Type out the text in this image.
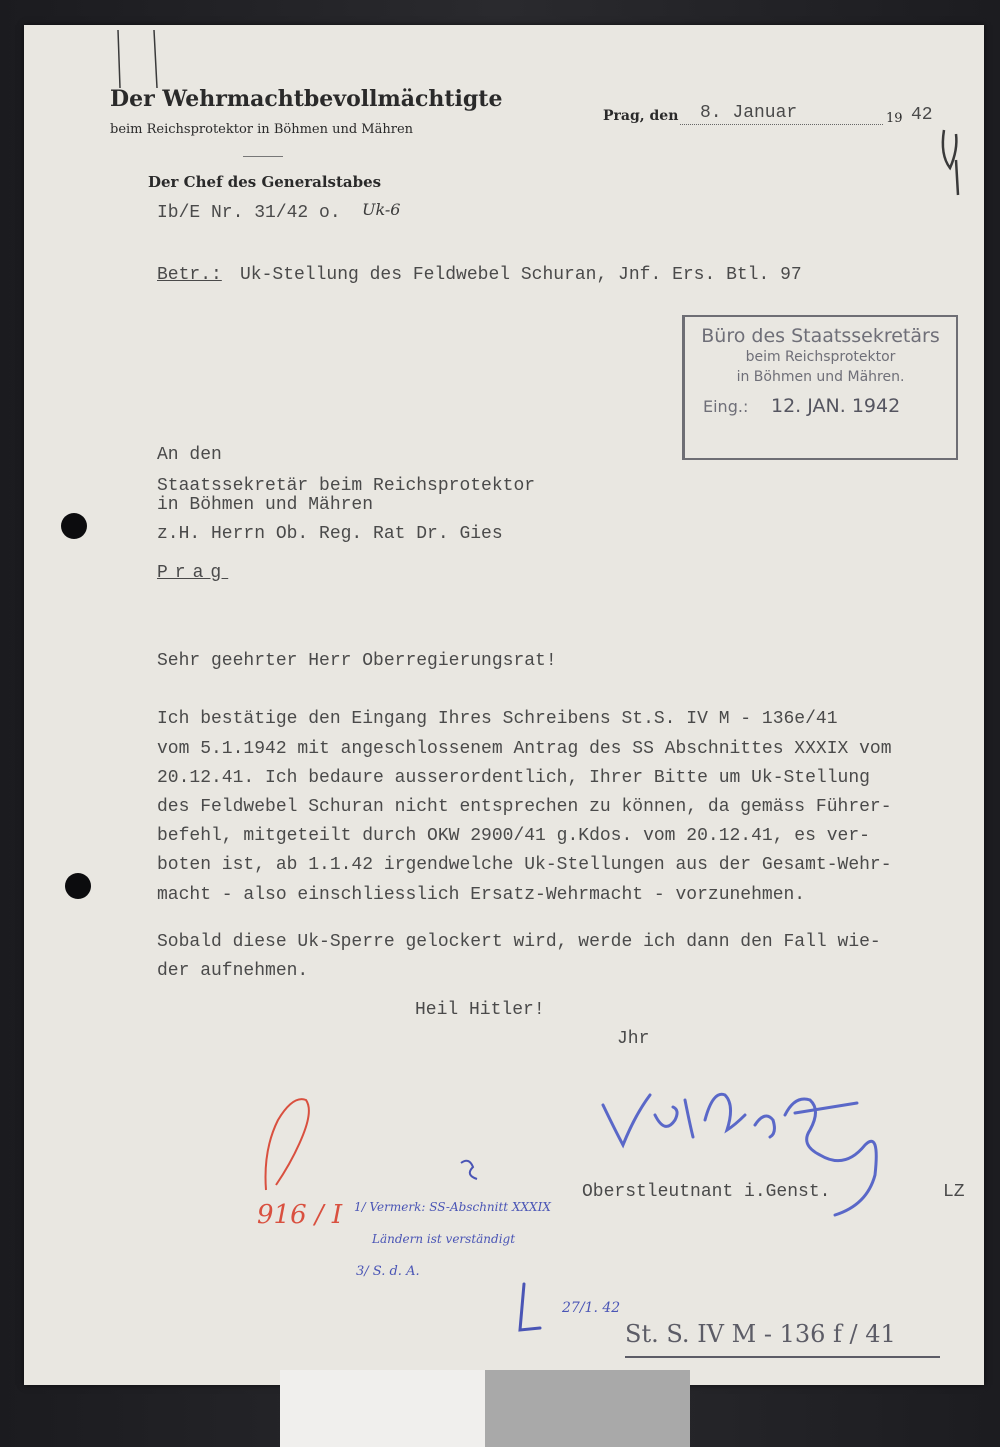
Der Wehrmachtbevollmächtigte
beim Reichsprotektor in Böhmen und Mähren
Der Chef des Generalstabes
Prag, den 8. Januar	19 42
Ib/E Nr. 31/42 o. Uk-6
Betr.: Uk-Stellung des Feldwebel Schuran, Jnf. Ers. Btl. 97
Büro des Staatssekretärs
beim Reichsprotektor
in Böhmen und Mähren.
Eing.: 12. JAN. 1942
An den
Staatssekretär beim Reichsprotektor
in Böhmen und Mähren
z.H. Herrn Ob. Reg. Rat Dr. Gies
Prag
Sehr geehrter Herr Oberregierungsrat!
Ich bestätige den Eingang Ihres Schreibens St.S. IV M - 136e/41
vom 5.1.1942 mit angeschlossenem Antrag des SS Abschnittes XXXIX vom
20.12.41. Ich bedaure ausserordentlich, Ihrer Bitte um Uk-Stellung
des Feldwebel Schuran nicht entsprechen zu können, da gemäss Führer-
befehl, mitgeteilt durch OKW 2900/41 g.Kdos. vom 20.12.41, es ver-
boten ist, ab 1.1.42 irgendwelche Uk-Stellungen aus der Gesamt-Wehr-
macht - also einschliesslich Ersatz-Wehrmacht - vorzunehmen.
Sobald diese Uk-Sperre gelockert wird, werde ich dann den Fall wie-
der aufnehmen.
Heil Hitler!
Jhr
Oberstleutnant i.Genst.	LZ
916 / I 1/ Vermerk: SS-Abschnitt XXXIX
Ländern ist verständigt
3/ S. d. A.
27/1. 42
St. S. IV M - 136 f / 41
